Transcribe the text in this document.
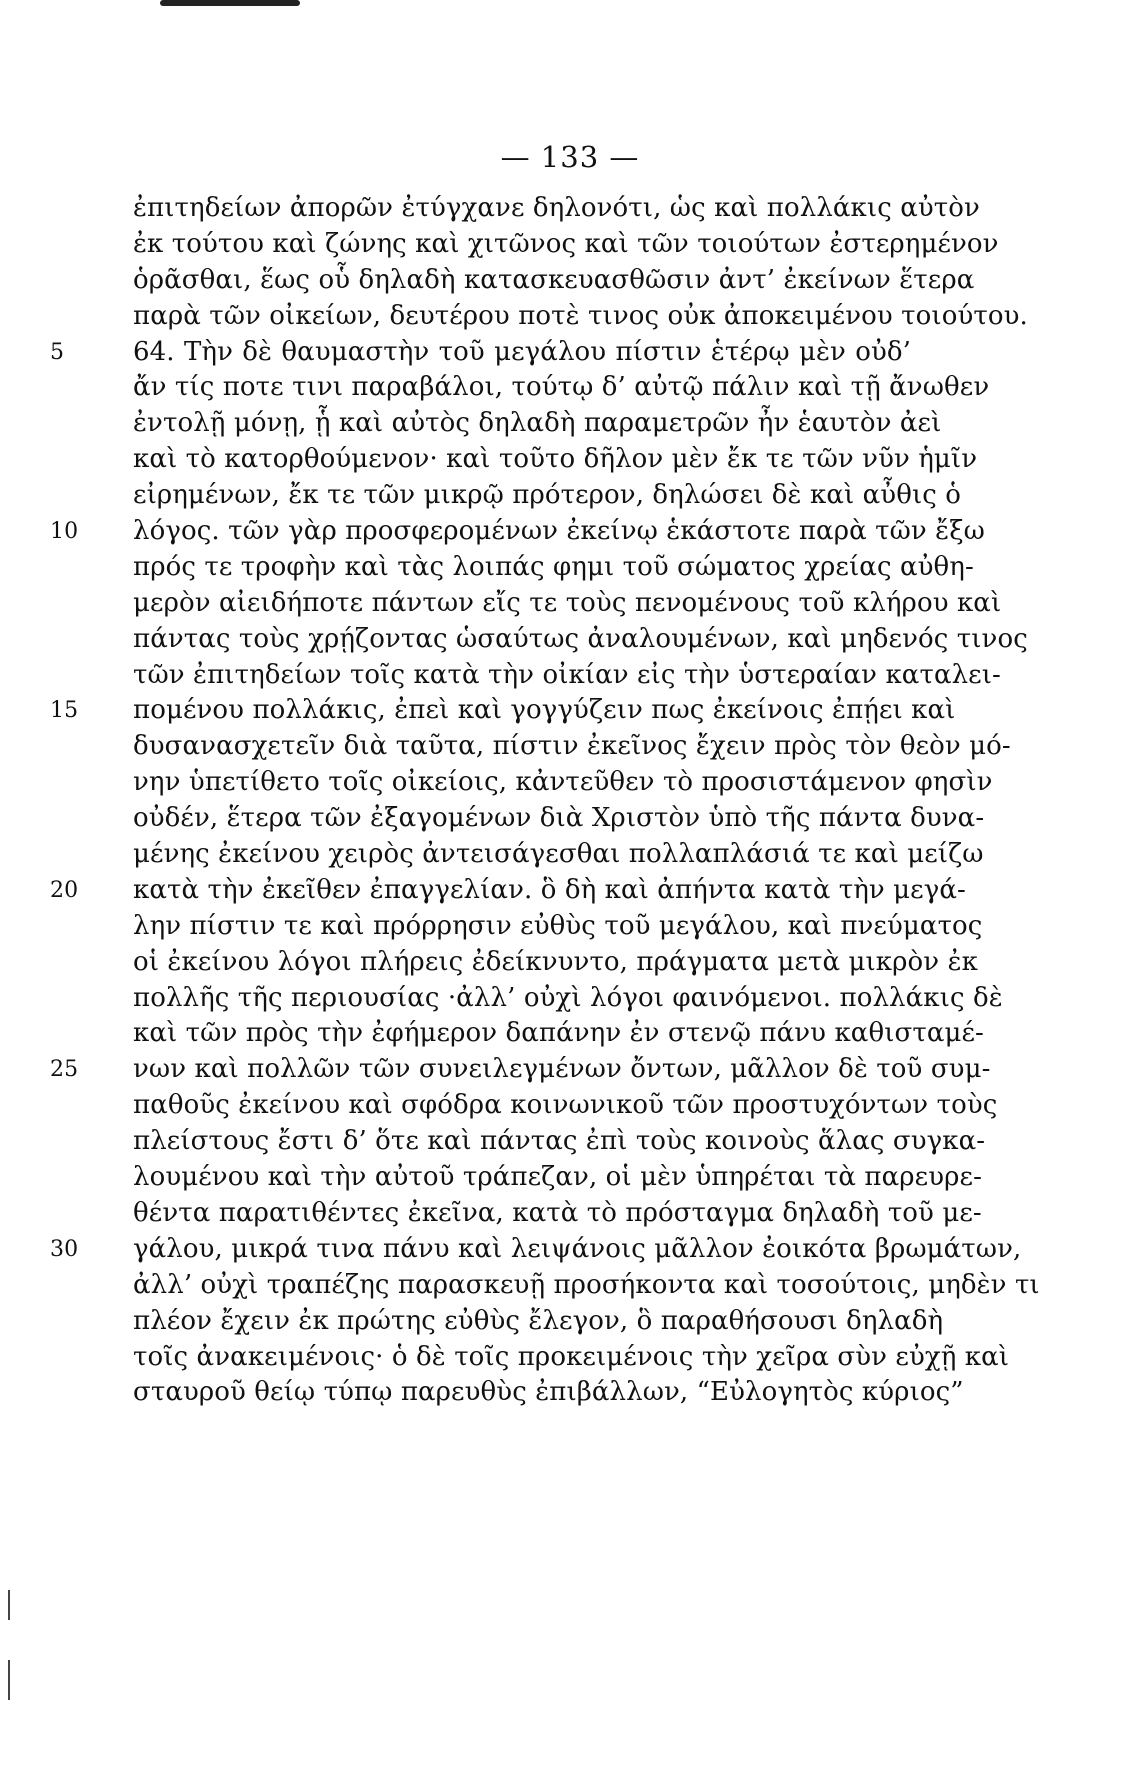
— 133 —
ἐπιτηδείων ἀπορῶν ἐτύγχανε δηλονότι, ὡς καὶ πολλάκις αὐτὸν
ἐκ τούτου καὶ ζώνης καὶ χιτῶνος καὶ τῶν τοιούτων ἐστερημένον
ὁρᾶσθαι, ἕως οὗ δηλαδὴ κατασκευασθῶσιν ἀντ’ ἐκείνων ἕτερα
παρὰ τῶν οἰκείων, δευτέρου ποτὲ τινος οὐκ ἀποκειμένου τοιούτου.
5	64. Τὴν δὲ θαυμαστὴν τοῦ μεγάλου πίστιν ἑτέρῳ μὲν οὐδ’
ἄν τίς ποτε τινι παραβάλοι, τούτῳ δ’ αὐτῷ πάλιν καὶ τῇ ἄνωθεν
ἐντολῇ μόνῃ, ᾗ καὶ αὐτὸς δηλαδὴ παραμετρῶν ἦν ἑαυτὸν ἀεὶ
καὶ τὸ κατορθούμενον· καὶ τοῦτο δῆλον μὲν ἔκ τε τῶν νῦν ἡμῖν
εἰρημένων, ἔκ τε τῶν μικρῷ πρότερον, δηλώσει δὲ καὶ αὖθις ὁ
10	λόγος. τῶν γὰρ προσφερομένων ἐκείνῳ ἑκάστοτε παρὰ τῶν ἔξω
πρός τε τροφὴν καὶ τὰς λοιπάς φημι τοῦ σώματος χρείας αὐθη-
μερὸν αἰειδήποτε πάντων εἴς τε τοὺς πενομένους τοῦ κλήρου καὶ
πάντας τοὺς χρῄζοντας ὡσαύτως ἀναλουμένων, καὶ μηδενός τινος
τῶν ἐπιτηδείων τοῖς κατὰ τὴν οἰκίαν εἰς τὴν ὑστεραίαν καταλει-
15	πομένου πολλάκις, ἐπεὶ καὶ γογγύζειν πως ἐκείνοις ἐπῄει καὶ
δυσανασχετεῖν διὰ ταῦτα, πίστιν ἐκεῖνος ἔχειν πρὸς τὸν θεὸν μό-
νην ὑπετίθετο τοῖς οἰκείοις, κἀντεῦθεν τὸ προσιστάμενον φησὶν
οὐδέν, ἕτερα τῶν ἐξαγομένων διὰ Χριστὸν ὑπὸ τῆς πάντα δυνα-
μένης ἐκείνου χειρὸς ἀντεισάγεσθαι πολλαπλάσιά τε καὶ μείζω
20	κατὰ τὴν ἐκεῖθεν ἐπαγγελίαν. ὃ δὴ καὶ ἀπήντα κατὰ τὴν μεγά-
λην πίστιν τε καὶ πρόρρησιν εὐθὺς τοῦ μεγάλου, καὶ πνεύματος
οἱ ἐκείνου λόγοι πλήρεις ἐδείκνυντο, πράγματα μετὰ μικρὸν ἐκ
πολλῆς τῆς περιουσίας ·ἀλλ’ οὐχὶ λόγοι φαινόμενοι. πολλάκις δὲ
καὶ τῶν πρὸς τὴν ἐφήμερον δαπάνην ἐν στενῷ πάνυ καθισταμέ-
25	νων καὶ πολλῶν τῶν συνειλεγμένων ὄντων, μᾶλλον δὲ τοῦ συμ-
παθοῦς ἐκείνου καὶ σφόδρα κοινωνικοῦ τῶν προστυχόντων τοὺς
πλείστους ἔστι δ’ ὅτε καὶ πάντας ἐπὶ τοὺς κοινοὺς ἅλας συγκα-
λουμένου καὶ τὴν αὐτοῦ τράπεζαν, οἱ μὲν ὑπηρέται τὰ παρευρε-
θέντα παρατιθέντες ἐκεῖνα, κατὰ τὸ πρόσταγμα δηλαδὴ τοῦ με-
30	γάλου, μικρά τινα πάνυ καὶ λειψάνοις μᾶλλον ἐοικότα βρωμάτων,
ἀλλ’ οὐχὶ τραπέζης παρασκευῇ προσήκοντα καὶ τοσούτοις, μηδὲν τι
πλέον ἔχειν ἐκ πρώτης εὐθὺς ἔλεγον, ὃ παραθήσουσι δηλαδὴ
τοῖς ἀνακειμένοις· ὁ δὲ τοῖς προκειμένοις τὴν χεῖρα σὺν εὐχῇ καὶ
σταυροῦ θείῳ τύπῳ παρευθὺς ἐπιβάλλων, “Εὐλογητὸς κύριος”
